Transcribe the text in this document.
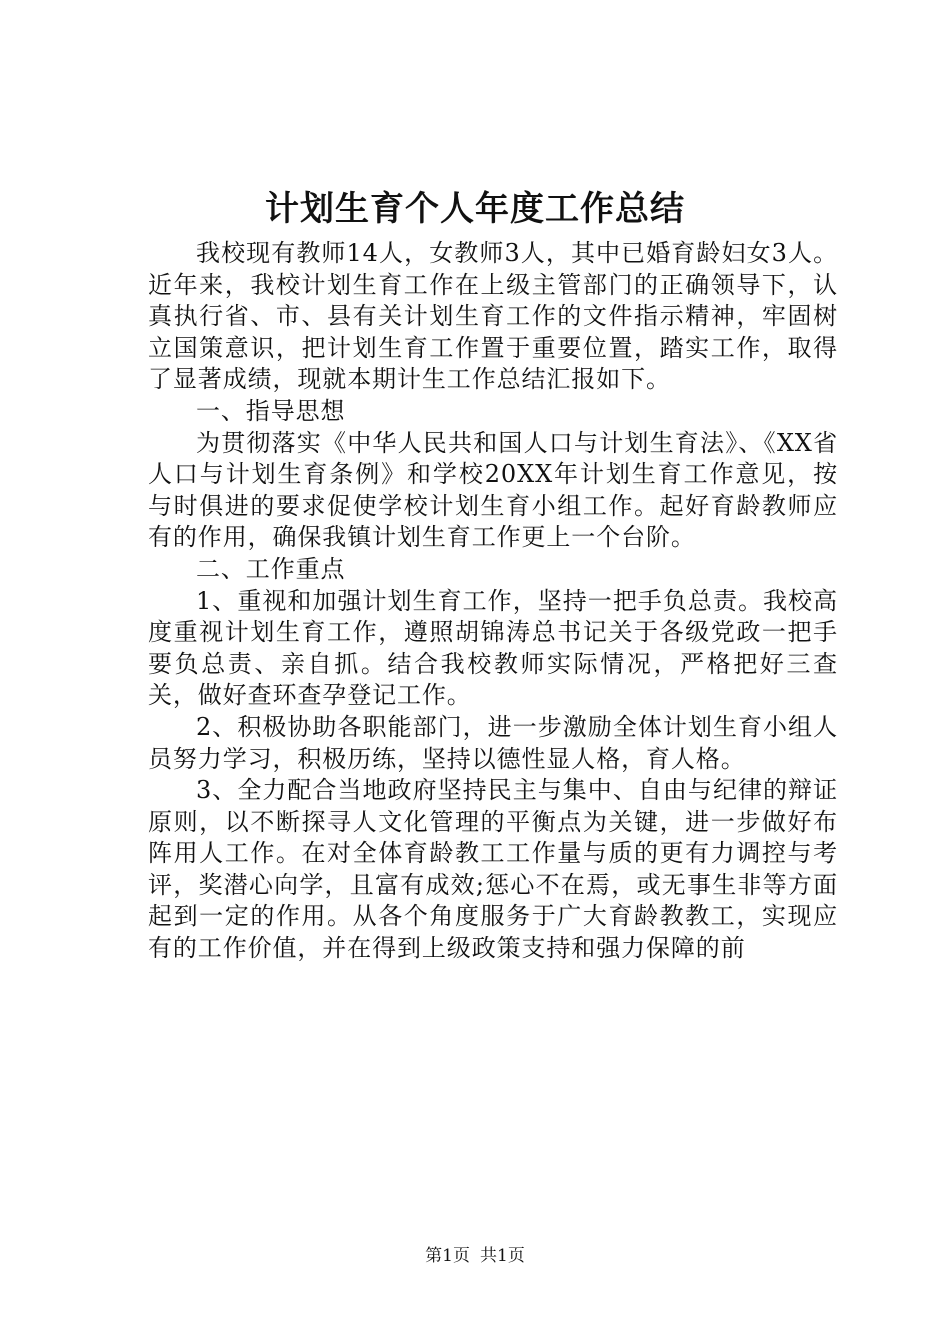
计划生育个人年度工作总结

我校现有教师14人，女教师3人，其中已婚育龄妇女3人。近年来，我校计划生育工作在上级主管部门的正确领导下，认真执行省、市、县有关计划生育工作的文件指示精神，牢固树立国策意识，把计划生育工作置于重要位置，踏实工作，取得了显著成绩，现就本期计生工作总结汇报如下。

一、指导思想

为贯彻落实《中华人民共和国人口与计划生育法》、《XX省人口与计划生育条例》和学校20XX年计划生育工作意见，按与时俱进的要求促使学校计划生育小组工作。起好育龄教师应有的作用，确保我镇计划生育工作更上一个台阶。

二、工作重点

1、重视和加强计划生育工作，坚持一把手负总责。我校高度重视计划生育工作，遵照胡锦涛总书记关于各级党政一把手要负总责、亲自抓。结合我校教师实际情况，严格把好三查关，做好查环查孕登记工作。

2、积极协助各职能部门，进一步激励全体计划生育小组人员努力学习，积极历练，坚持以德性显人格，育人格。

3、全力配合当地政府坚持民主与集中、自由与纪律的辩证原则，以不断探寻人文化管理的平衡点为关键，进一步做好布阵用人工作。在对全体育龄教工工作量与质的更有力调控与考评，奖潜心向学，且富有成效;惩心不在焉，或无事生非等方面起到一定的作用。从各个角度服务于广大育龄教教工，实现应有的工作价值，并在得到上级政策支持和强力保障的前

第1页 共1页
